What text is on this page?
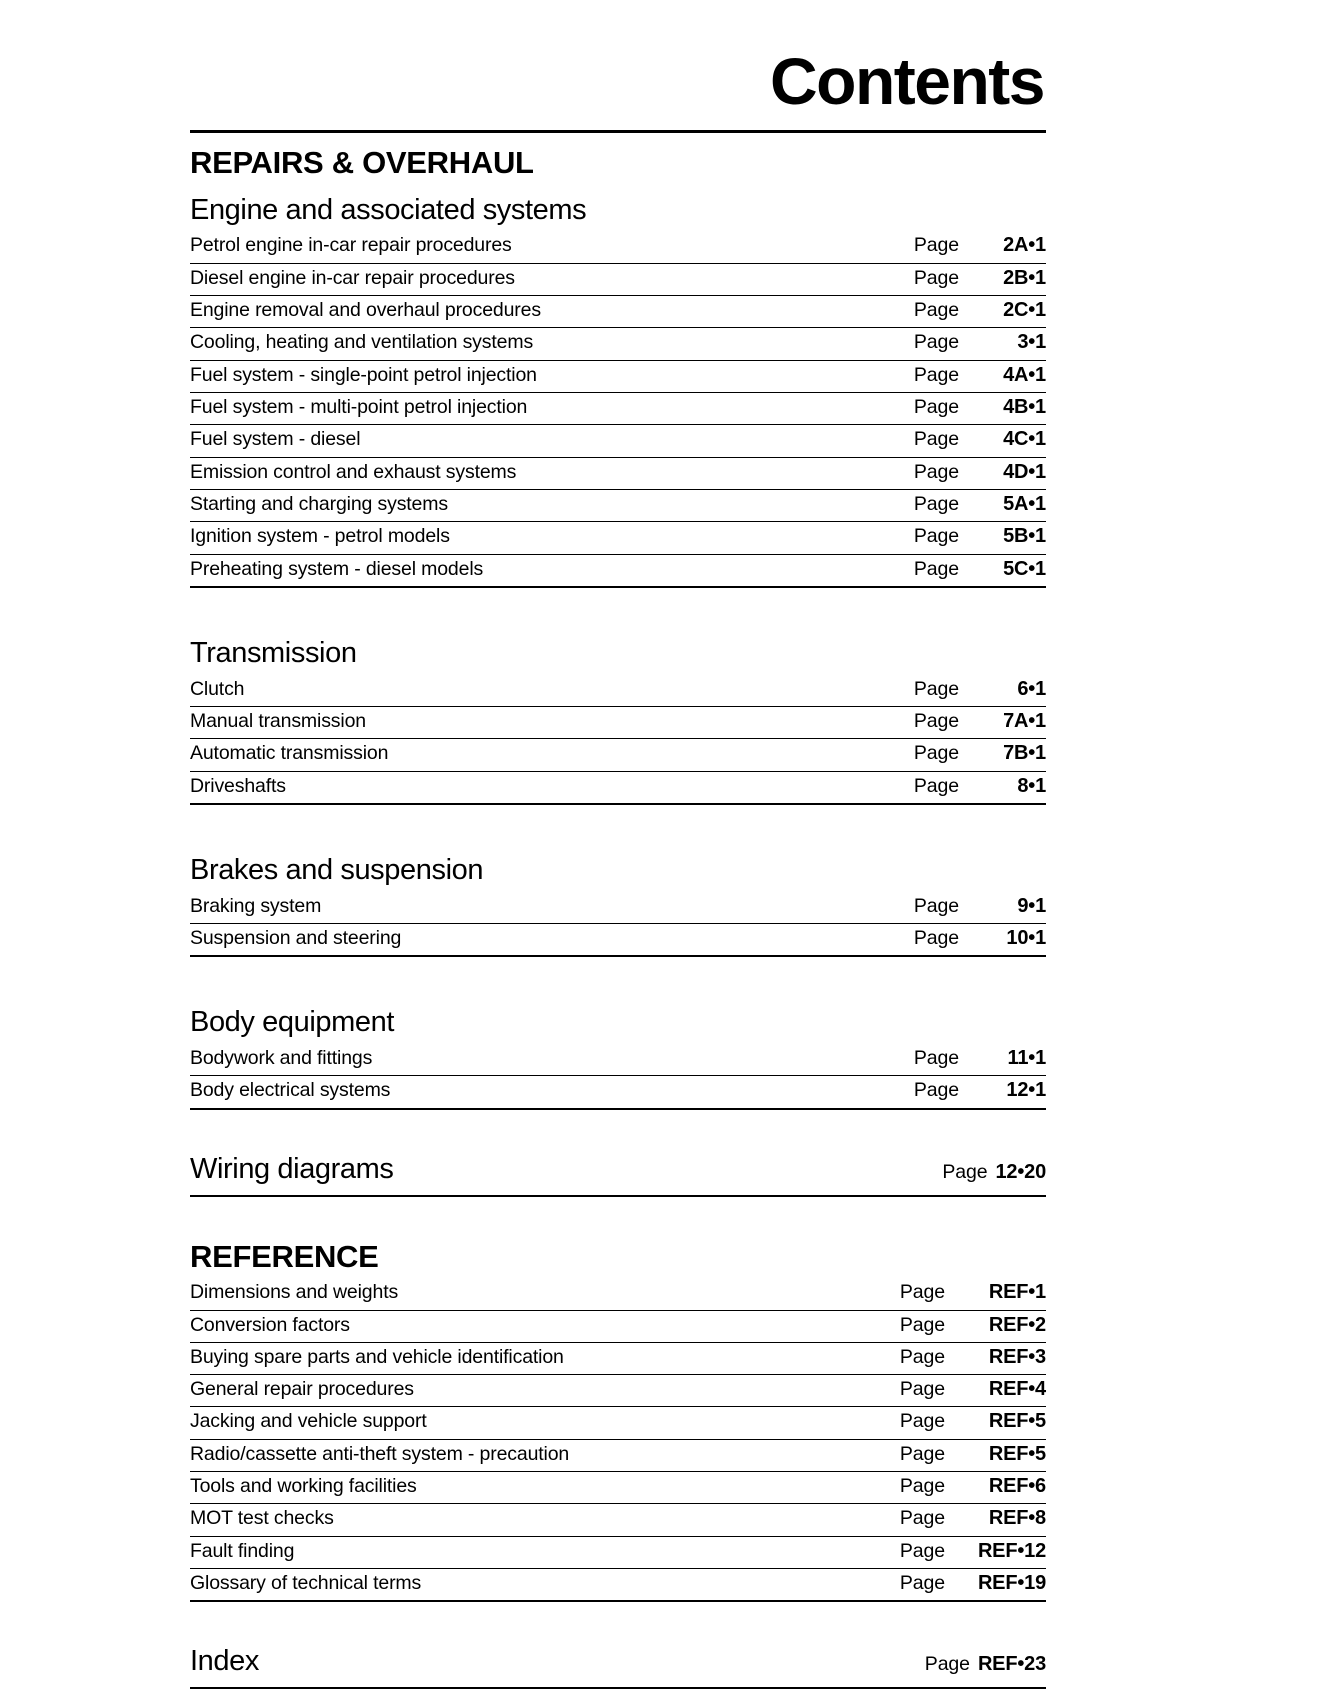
Contents
REPAIRS & OVERHAUL
Engine and associated systems
Petrol engine in-car repair procedures	Page	2A•1
Diesel engine in-car repair procedures	Page	2B•1
Engine removal and overhaul procedures	Page	2C•1
Cooling, heating and ventilation systems	Page	3•1
Fuel system - single-point petrol injection	Page	4A•1
Fuel system - multi-point petrol injection	Page	4B•1
Fuel system - diesel	Page	4C•1
Emission control and exhaust systems	Page	4D•1
Starting and charging systems	Page	5A•1
Ignition system - petrol models	Page	5B•1
Preheating system - diesel models	Page	5C•1
Transmission
Clutch	Page	6•1
Manual transmission	Page	7A•1
Automatic transmission	Page	7B•1
Driveshafts	Page	8•1
Brakes and suspension
Braking system	Page	9•1
Suspension and steering	Page	10•1
Body equipment
Bodywork and fittings	Page	11•1
Body electrical systems	Page	12•1
Wiring diagrams	Page 12•20
REFERENCE
Dimensions and weights	Page	REF•1
Conversion factors	Page	REF•2
Buying spare parts and vehicle identification	Page	REF•3
General repair procedures	Page	REF•4
Jacking and vehicle support	Page	REF•5
Radio/cassette anti-theft system - precaution	Page	REF•5
Tools and working facilities	Page	REF•6
MOT test checks	Page	REF•8
Fault finding	Page	REF•12
Glossary of technical terms	Page	REF•19
Index	Page REF•23
